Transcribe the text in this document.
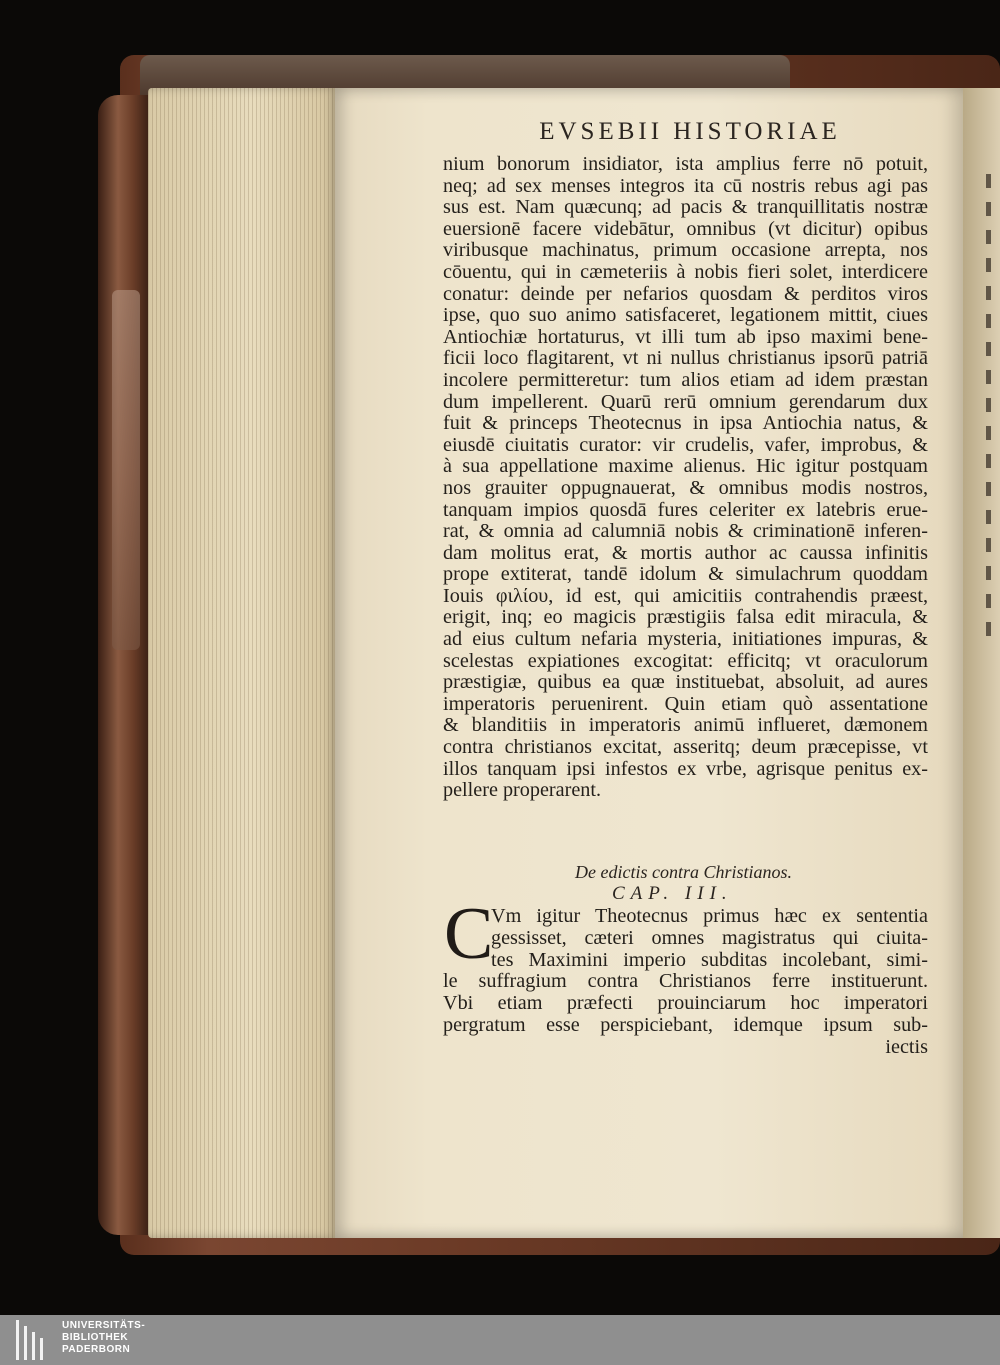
EVSEBII HISTORIAE
nium bonorum insidiator, ista amplius ferre nō potuit,
neq; ad sex menses integros ita cū nostris rebus agi pas
sus est. Nam quæcunq; ad pacis & tranquillitatis nostræ
euersionē facere videbātur, omnibus (vt dicitur) opibus
viribusque machinatus, primum occasione arrepta, nos
cōuentu, qui in cæmeteriis à nobis fieri solet, interdicere
conatur: deinde per nefarios quosdam & perditos viros
ipse, quo suo animo satisfaceret, legationem mittit, ciues
Antiochiæ hortaturus, vt illi tum ab ipso maximi bene-
ficii loco flagitarent, vt ni nullus christianus ipsorū patriā
incolere permitteretur: tum alios etiam ad idem præstan
dum impellerent. Quarū rerū omnium gerendarum dux
fuit & princeps Theotecnus in ipsa Antiochia natus, &
eiusdē ciuitatis curator: vir crudelis, vafer, improbus, &
à sua appellatione maxime alienus. Hic igitur postquam
nos grauiter oppugnauerat, & omnibus modis nostros,
tanquam impios quosdā fures celeriter ex latebris erue-
rat, & omnia ad calumniā nobis & criminationē inferen-
dam molitus erat, & mortis author ac caussa infinitis
prope extiterat, tandē idolum & simulachrum quoddam
Iouis φιλίου, id est, qui amicitiis contrahendis præest,
erigit, inq; eo magicis præstigiis falsa edit miracula, &
ad eius cultum nefaria mysteria, initiationes impuras, &
scelestas expiationes excogitat: efficitq; vt oraculorum
præstigiæ, quibus ea quæ instituebat, absoluit, ad aures
imperatoris peruenirent. Quin etiam quò assentatione
& blanditiis in imperatoris animū influeret, dæmonem
contra christianos excitat, asseritq; deum præcepisse, vt
illos tanquam ipsi infestos ex vrbe, agrisque penitus ex-
pellere properarent.
De edictis contra Christianos.
CAP. III.
C
Vm igitur Theotecnus primus hæc ex sententia
gessisset, cæteri omnes magistratus qui ciuita-
tes Maximini imperio subditas incolebant, simi-
le suffragium contra Christianos ferre instituerunt.
Vbi etiam præfecti prouinciarum hoc imperatori
pergratum esse perspiciebant, idemque ipsum sub-
iectis
UNIVERSITÄTS-
BIBLIOTHEK
PADERBORN
